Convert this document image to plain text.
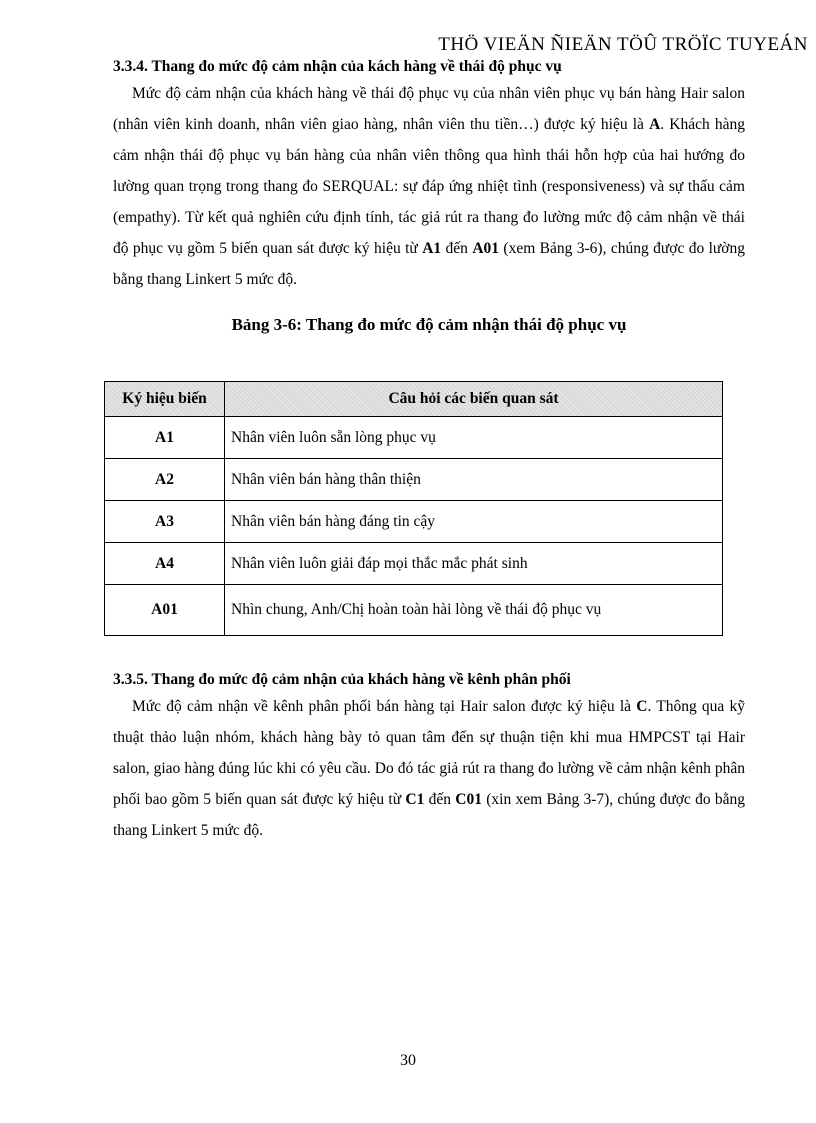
THÖ VIEÄN ÑIEÄN TÖÛ TRÖÏC TUYEÁN
3.3.4. Thang đo mức độ cảm nhận của kách hàng về thái độ phục vụ

Mức độ cảm nhận của khách hàng về thái độ phục vụ của nhân viên phục vụ bán hàng Hair salon (nhân viên kinh doanh, nhân viên giao hàng, nhân viên thu tiền…) được ký hiệu là A. Khách hàng cảm nhận thái độ phục vụ bán hàng của nhân viên thông qua hình thái hỗn hợp của hai hướng đo lường quan trọng trong thang đo SERQUAL: sự đáp ứng nhiệt tình (responsiveness) và sự thấu cảm (empathy). Từ kết quả nghiên cứu định tính, tác giả rút ra thang đo lường mức độ cảm nhận về thái độ phục vụ gồm 5 biến quan sát được ký hiệu từ A1 đến A01 (xem Bảng 3-6), chúng được đo lường bằng thang Linkert 5 mức độ.

Bảng 3-6: Thang đo mức độ cảm nhận thái độ phục vụ
Ký hiệu biến	Câu hỏi các biến quan sát
A1	Nhân viên luôn sẵn lòng phục vụ
A2	Nhân viên bán hàng thân thiện
A3	Nhân viên bán hàng đáng tin cậy
A4	Nhân viên luôn giải đáp mọi thắc mắc phát sinh
A01	Nhìn chung, Anh/Chị hoàn toàn hài lòng về thái độ phục vụ
3.3.5. Thang đo mức độ cảm nhận của khách hàng về kênh phân phối

Mức độ cảm nhận về kênh phân phối bán hàng tại Hair salon được ký hiệu là C. Thông qua kỹ thuật thảo luận nhóm, khách hàng bày tỏ quan tâm đến sự thuận tiện khi mua HMPCST tại Hair salon, giao hàng đúng lúc khi có yêu cầu. Do đó tác giả rút ra thang đo lường về cảm nhận kênh phân phối bao gồm 5 biến quan sát được ký hiệu từ C1 đến C01 (xin xem Bảng 3-7), chúng được đo bằng thang Linkert 5 mức độ.

30
